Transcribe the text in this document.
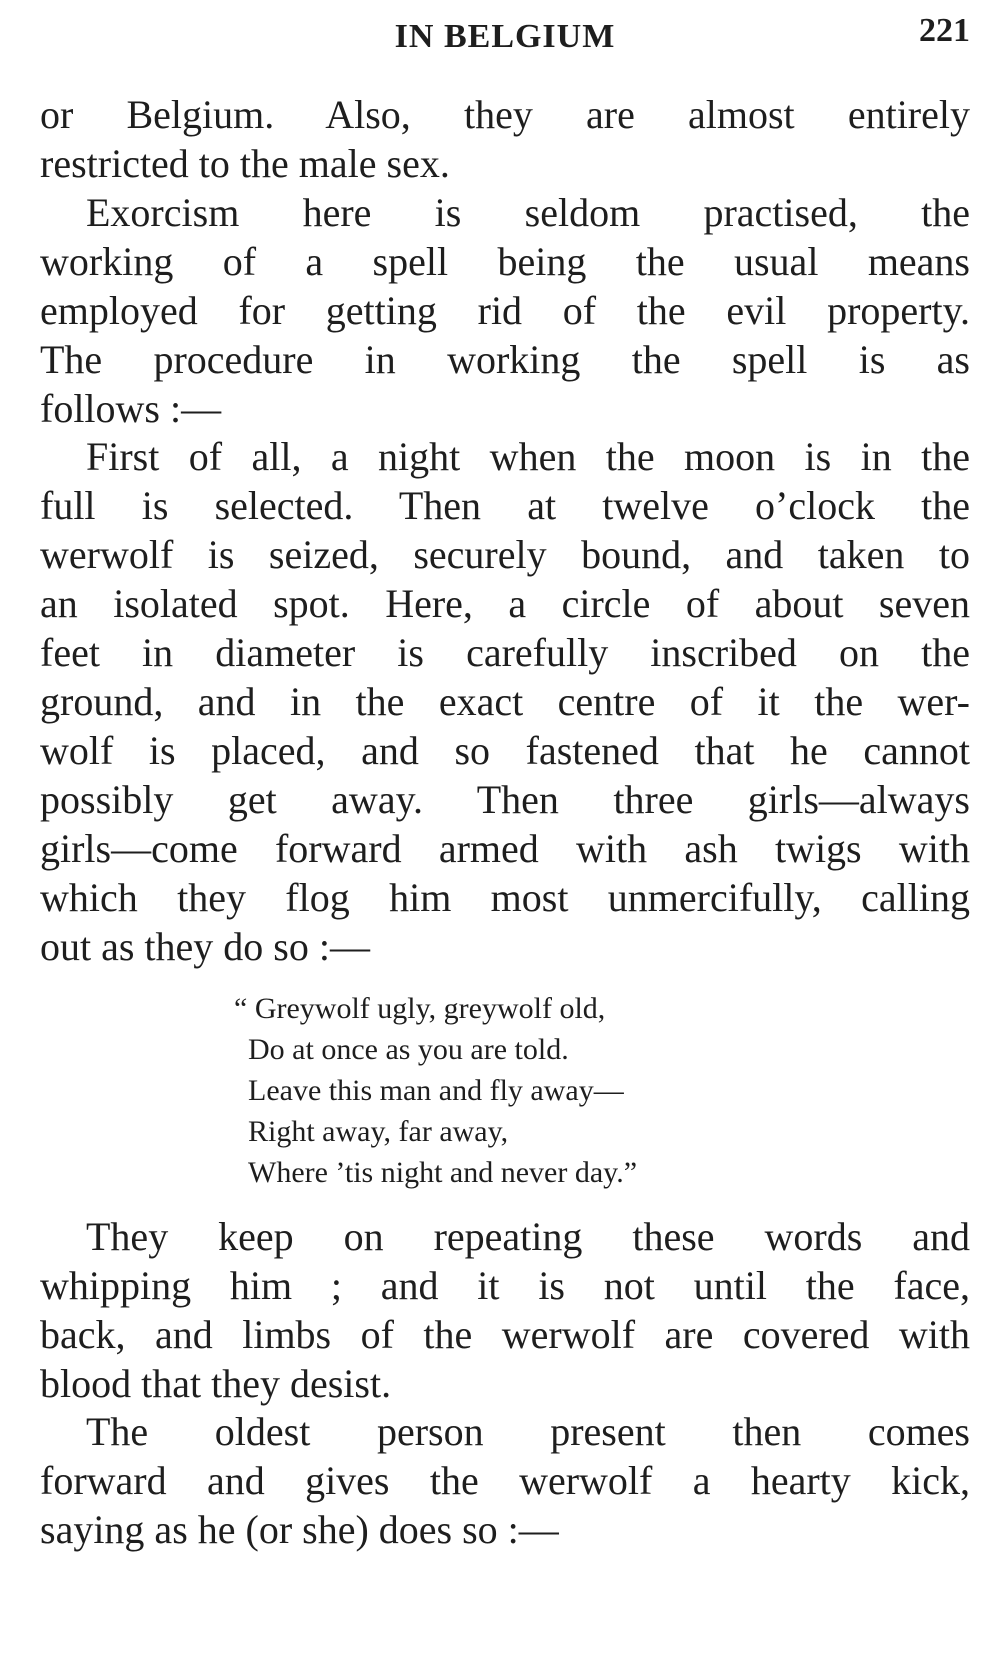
IN BELGIUM	221
or Belgium. Also, they are almost entirely
restricted to the male sex.
Exorcism here is seldom practised, the
working of a spell being the usual means
employed for getting rid of the evil property.
The procedure in working the spell is as
follows :—
First of all, a night when the moon is in the
full is selected. Then at twelve o’clock the
werwolf is seized, securely bound, and taken to
an isolated spot. Here, a circle of about seven
feet in diameter is carefully inscribed on the
ground, and in the exact centre of it the wer-
wolf is placed, and so fastened that he cannot
possibly get away. Then three girls—always
girls—come forward armed with ash twigs with
which they flog him most unmercifully, calling
out as they do so :—
“ Greywolf ugly, greywolf old,
Do at once as you are told.
Leave this man and fly away—
Right away, far away,
Where ’tis night and never day.”
They keep on repeating these words and
whipping him ; and it is not until the face,
back, and limbs of the werwolf are covered with
blood that they desist.
The oldest person present then comes
forward and gives the werwolf a hearty kick,
saying as he (or she) does so :—
